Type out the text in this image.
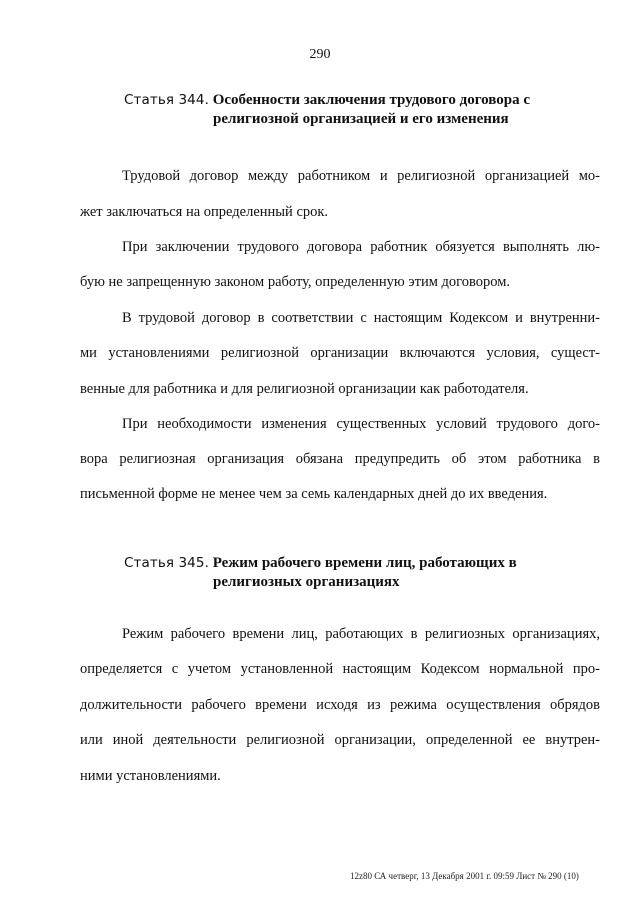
290
Статья 344. Особенности заключения трудового договора с
религиозной организацией и его изменения
Трудовой договор между работником и религиозной организацией мо-
жет заключаться на определенный срок.
При заключении трудового договора работник обязуется выполнять лю-
бую не запрещенную законом работу, определенную этим договором.
В трудовой договор в соответствии с настоящим Кодексом и внутренни-
ми установлениями религиозной организации включаются условия, сущест-
венные для работника и для религиозной организации как работодателя.
При необходимости изменения существенных условий трудового дого-
вора религиозная организация обязана предупредить об этом работника в
письменной форме не менее чем за семь календарных дней до их введения.
Статья 345. Режим рабочего времени лиц, работающих в
религиозных организациях
Режим рабочего времени лиц, работающих в религиозных организациях,
определяется с учетом установленной настоящим Кодексом нормальной про-
должительности рабочего времени исходя из режима осуществления обрядов
или иной деятельности религиозной организации, определенной ее внутрен-
ними установлениями.
12z80 СА четверг, 13 Декабря 2001 г. 09:59 Лист № 290 (10)
